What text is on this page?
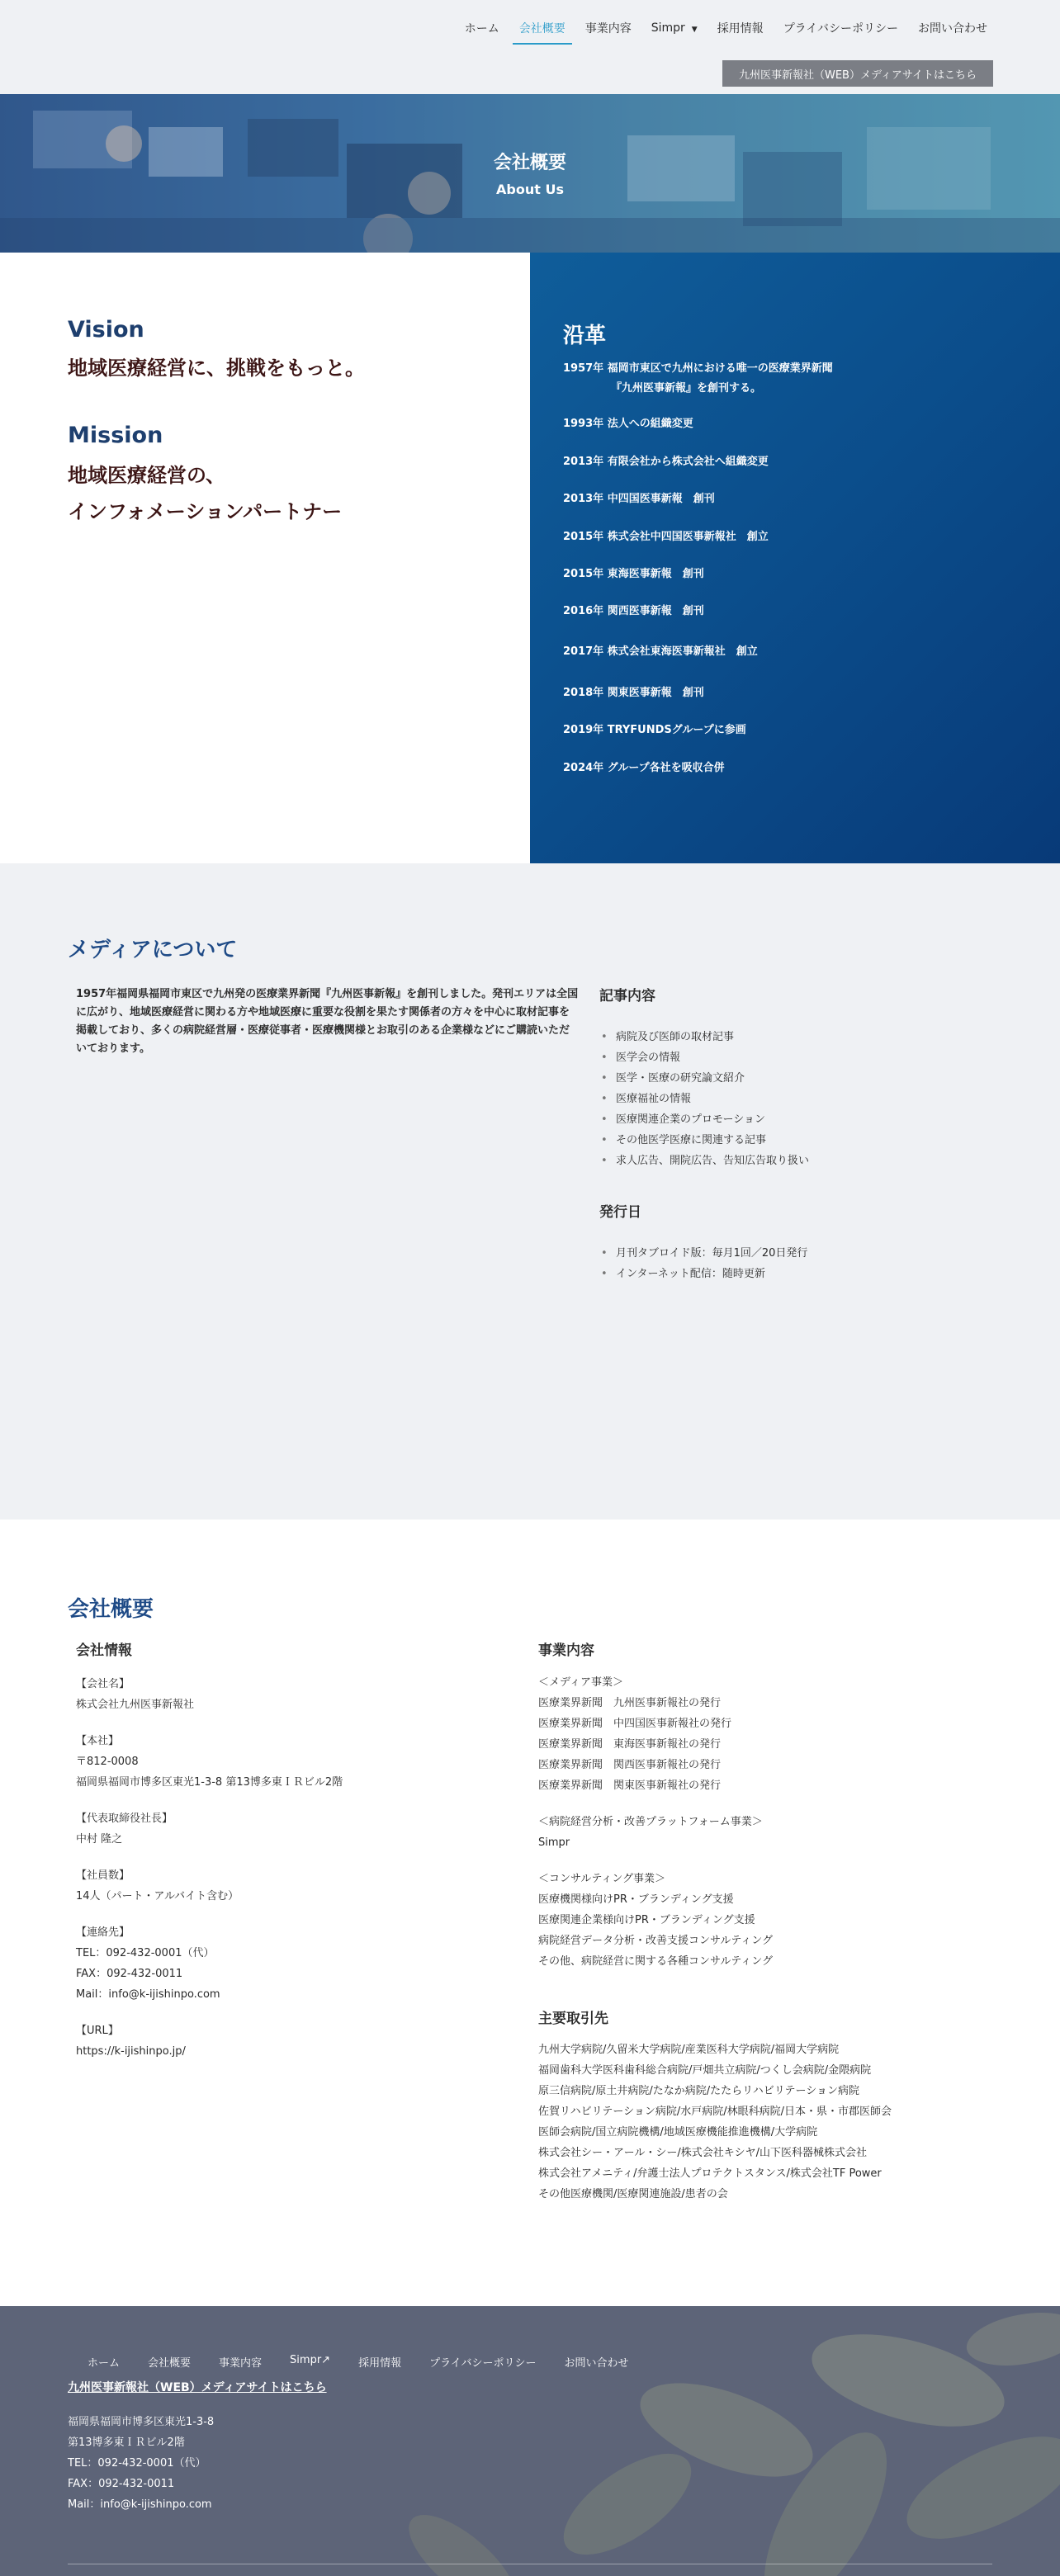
ホーム 会社概要 事業内容 Simpr ▼ 採用情報 プライバシーポリシー お問い合わせ
九州医事新報社（WEB）メディアサイトはこちら
会社概要
About Us
Vision
地域医療経営に、挑戦をもっと。
Mission
地域医療経営の、
インフォメーションパートナー
沿革
1957年 福岡市東区で九州における唯一の医療業界新聞
『九州医事新報』を創刊する。
1993年 法人への組織変更
2013年 有限会社から株式会社へ組織変更
2013年 中四国医事新報　創刊
2015年 株式会社中四国医事新報社　創立
2015年 東海医事新報　創刊
2016年 関西医事新報　創刊
2017年 株式会社東海医事新報社　創立
2018年 関東医事新報　創刊
2019年 TRYFUNDSグループに参画
2024年 グループ各社を吸収合併
メディアについて
1957年福岡県福岡市東区で九州発の医療業界新聞『九州医事新報』を創刊しました。発刊エリアは全国に広がり、地域医療経営に関わる方や地域医療に重要な役割を果たす関係者の方々を中心に取材記事を掲載しており、多くの病院経営層・医療従事者・医療機関様とお取引のある企業様などにご購読いただいております。
記事内容
• 病院及び医師の取材記事
• 医学会の情報
• 医学・医療の研究論文紹介
• 医療福祉の情報
• 医療関連企業のプロモーション
• その他医学医療に関連する記事
• 求人広告、開院広告、告知広告取り扱い
発行日
• 月刊タブロイド版：毎月1回／20日発行
• インターネット配信：随時更新
会社概要
会社情報
【会社名】
株式会社九州医事新報社
【本社】
〒812-0008
福岡県福岡市博多区東光1-3-8 第13博多東ＩＲビル2階
【代表取締役社長】
中村 隆之
【社員数】
14人（パート・アルバイト含む）
【連絡先】
TEL：092-432-0001（代）
FAX：092-432-0011
Mail：info@k-ijishinpo.com
【URL】
https://k-ijishinpo.jp/
事業内容
＜メディア事業＞
医療業界新聞　九州医事新報社の発行
医療業界新聞　中四国医事新報社の発行
医療業界新聞　東海医事新報社の発行
医療業界新聞　関西医事新報社の発行
医療業界新聞　関東医事新報社の発行
＜病院経営分析・改善プラットフォーム事業＞
Simpr
＜コンサルティング事業＞
医療機関様向けPR・ブランディング支援
医療関連企業様向けPR・ブランディング支援
病院経営データ分析・改善支援コンサルティング
その他、病院経営に関する各種コンサルティング
主要取引先
九州大学病院/久留米大学病院/産業医科大学病院/福岡大学病院
福岡歯科大学医科歯科総合病院/戸畑共立病院/つくし会病院/金隈病院
原三信病院/原土井病院/たなか病院/たたらリハビリテーション病院
佐賀リハビリテーション病院/水戸病院/林眼科病院/日本・県・市郡医師会
医師会病院/国立病院機構/地域医療機能推進機構/大学病院
株式会社シー・アール・シー/株式会社キシヤ/山下医科器械株式会社
株式会社アメニティ/弁護士法人プロテクトスタンス/株式会社TF Power
その他医療機関/医療関連施設/患者の会
ホーム	会社概要	事業内容	Simpr↗	採用情報	プライバシーポリシー	お問い合わせ
九州医事新報社（WEB）メディアサイトはこちら
福岡県福岡市博多区東光1-3-8
第13博多東ＩＲビル2階
TEL：092-432-0001（代）
FAX：092-432-0011
Mail：info@k-ijishinpo.com
